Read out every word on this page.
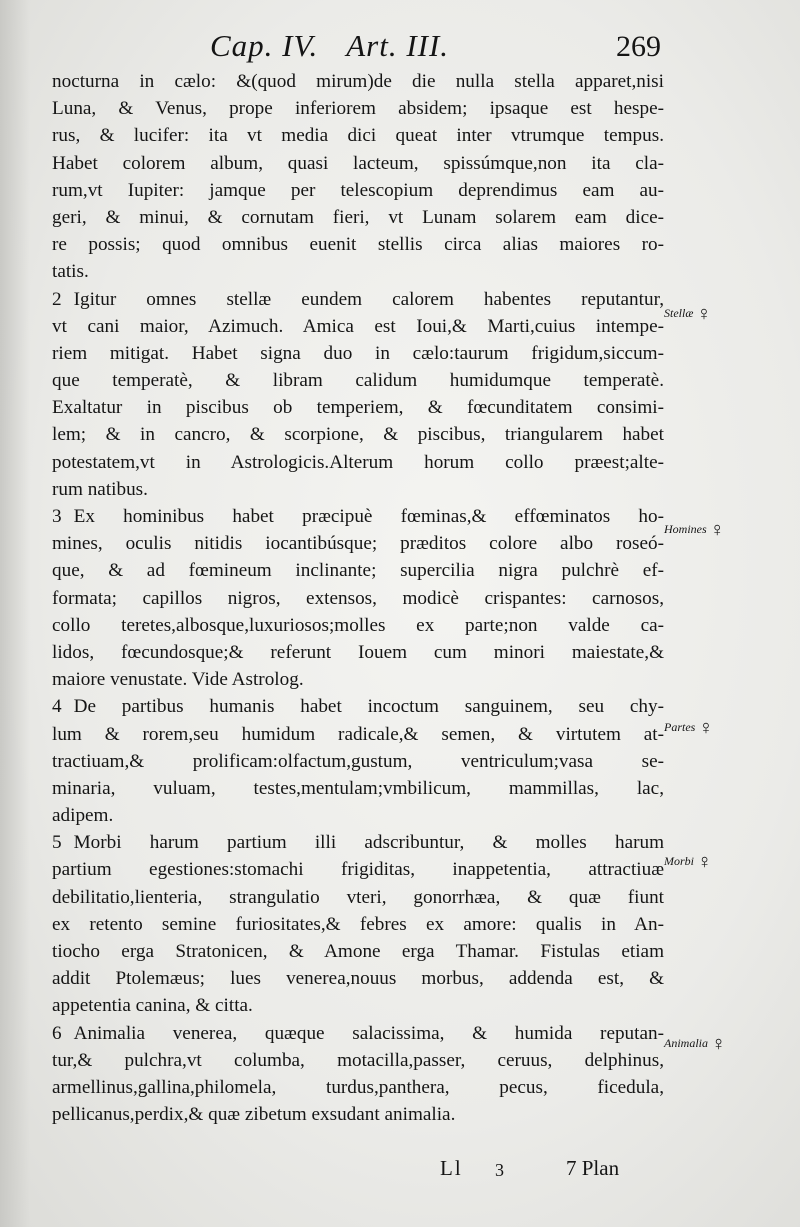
Cap. IV. Art. III.	269
nocturna in cælo: &(quod mirum)de die nulla stella apparet,nisi
Luna, & Venus, prope inferiorem absidem; ipsaque est hespe-
rus, & lucifer: ita vt media dici queat inter vtrumque tempus.
Habet colorem album, quasi lacteum, spissúmque,non ita cla-
rum,vt Iupiter: jamque per telescopium deprendimus eam au-
geri, & minui, & cornutam fieri, vt Lunam solarem eam dice-
re possis; quod omnibus euenit stellis circa alias maiores ro-
tatis.
2 Igitur omnes stellæ eundem calorem habentes reputantur,
vt cani maior, Azimuch. Amica est Ioui,& Marti,cuius intempe-
riem mitigat. Habet signa duo in cælo:taurum frigidum,siccum-
que temperatè, & libram calidum humidumque temperatè.
Exaltatur in piscibus ob temperiem, & fœcunditatem consimi-
lem; & in cancro, & scorpione, & piscibus, triangularem habet
potestatem,vt in Astrologicis.Alterum horum collo præest;alte-
rum natibus.
3 Ex hominibus habet præcipuè fœminas,& effœminatos ho-
mines, oculis nitidis iocantibúsque; præditos colore albo roseó-
que, & ad fœmineum inclinante; supercilia nigra pulchrè ef-
formata; capillos nigros, extensos, modicè crispantes: carnosos,
collo teretes,albosque,luxuriosos;molles ex parte;non valde ca-
lidos, fœcundosque;& referunt Iouem cum minori maiestate,&
maiore venustate. Vide Astrolog.
4 De partibus humanis habet incoctum sanguinem, seu chy-
lum & rorem,seu humidum radicale,& semen, & virtutem at-
tractiuam,& prolificam:olfactum,gustum, ventriculum;vasa se-
minaria, vuluam, testes,mentulam;vmbilicum, mammillas, lac,
adipem.
5 Morbi harum partium illi adscribuntur, & molles harum
partium egestiones:stomachi frigiditas, inappetentia, attractiuæ
debilitatio,lienteria, strangulatio vteri, gonorrhæa, & quæ fiunt
ex retento semine furiositates,& febres ex amore: qualis in An-
tiocho erga Stratonicen, & Amone erga Thamar. Fistulas etiam
addit Ptolemæus; lues venerea,nouus morbus, addenda est, &
appetentia canina, & citta.
6 Animalia venerea, quæque salacissima, & humida reputan-
tur,& pulchra,vt columba, motacilla,passer, ceruus, delphinus,
armellinus,gallina,philomela, turdus,panthera, pecus, ficedula,
pellicanus,perdix,& quæ zibetum exsudant animalia.
Stellæ ♀
Homines ♀
Partes ♀
Morbi ♀
Animalia ♀
Ll 3	7 Plan
